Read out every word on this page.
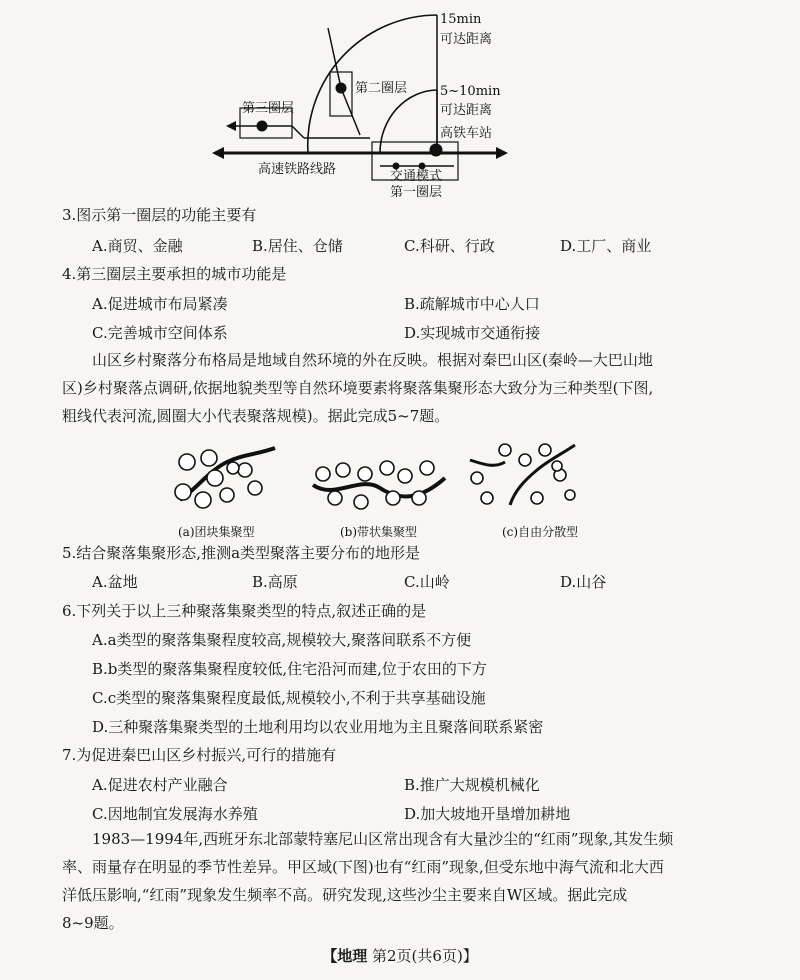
15min
可达距离
5~10min
可达距离
高铁车站
第二圈层
第三圈层
高速铁路线路	交通模式
第一圈层
3.图示第一圈层的功能主要有
A.商贸、金融	B.居住、仓储	C.科研、行政	D.工厂、商业
4.第三圈层主要承担的城市功能是
A.促进城市布局紧凑	B.疏解城市中心人口
C.完善城市空间体系	D.实现城市交通衔接
山区乡村聚落分布格局是地域自然环境的外在反映。根据对秦巴山区(秦岭—大巴山地
区)乡村聚落点调研,依据地貌类型等自然环境要素将聚落集聚形态大致分为三种类型(下图,
粗线代表河流,圆圈大小代表聚落规模)。据此完成5~7题。
(a)团块集聚型	(b)带状集聚型	(c)自由分散型
5.结合聚落集聚形态,推测a类型聚落主要分布的地形是
A.盆地	B.高原	C.山岭	D.山谷
6.下列关于以上三种聚落集聚类型的特点,叙述正确的是
A.a类型的聚落集聚程度较高,规模较大,聚落间联系不方便
B.b类型的聚落集聚程度较低,住宅沿河而建,位于农田的下方
C.c类型的聚落集聚程度最低,规模较小,不利于共享基础设施
D.三种聚落集聚类型的土地利用均以农业用地为主且聚落间联系紧密
7.为促进秦巴山区乡村振兴,可行的措施有
A.促进农村产业融合	B.推广大规模机械化
C.因地制宜发展海水养殖	D.加大坡地开垦增加耕地
1983—1994年,西班牙东北部蒙特塞尼山区常出现含有大量沙尘的“红雨”现象,其发生频
率、雨量存在明显的季节性差异。甲区域(下图)也有“红雨”现象,但受东地中海气流和北大西
洋低压影响,“红雨”现象发生频率不高。研究发现,这些沙尘主要来自W区域。据此完成
8~9题。
【地理 第2页(共6页)】
